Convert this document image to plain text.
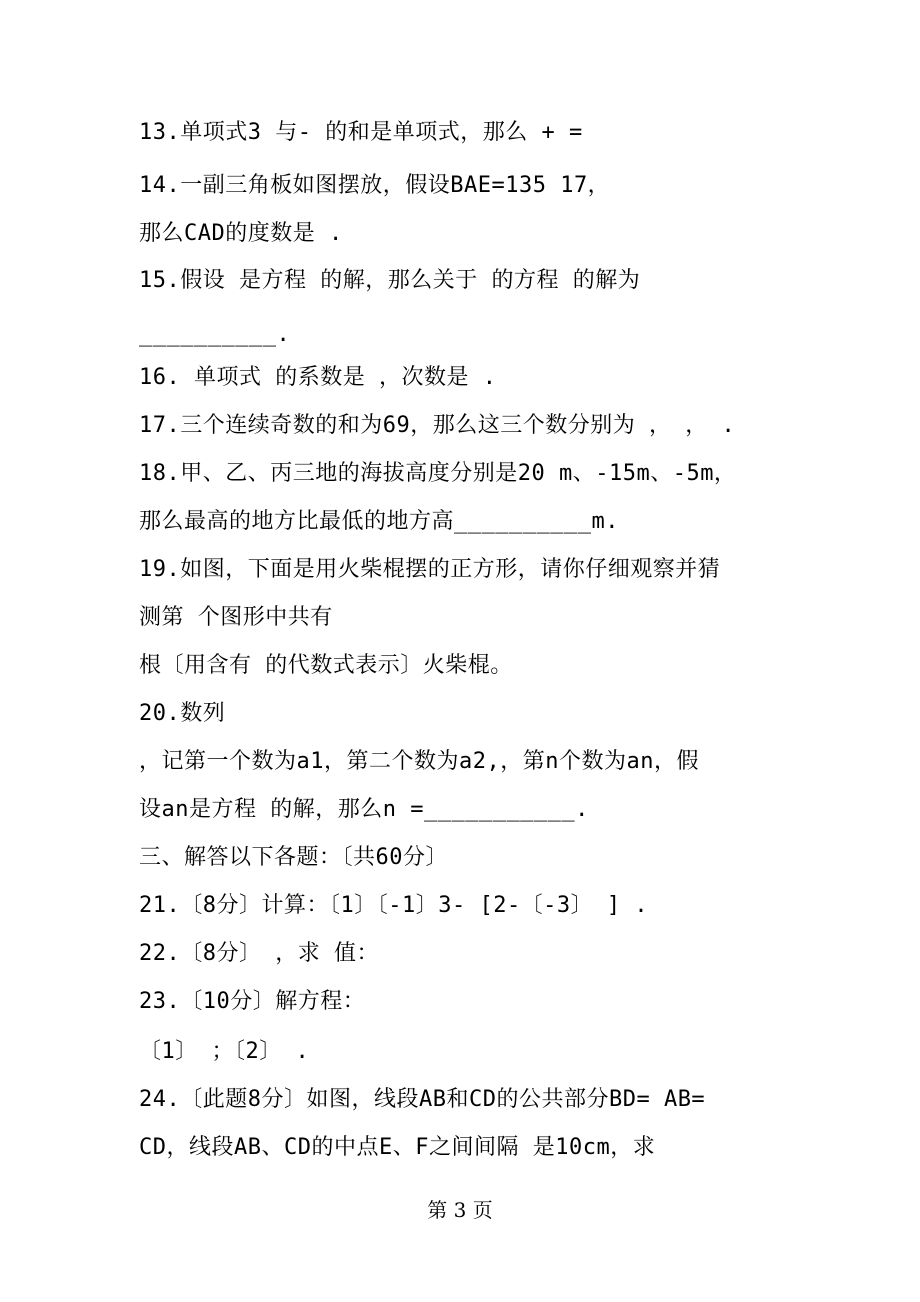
13.单项式3 与- 的和是单项式，那么 + =
14.一副三角板如图摆放，假设BAE=135 17，
那么CAD的度数是 .
15.假设 是方程 的解，那么关于 的方程 的解为
__________.
16. 单项式 的系数是 ，次数是 .
17.三个连续奇数的和为69，那么这三个数分别为 ， ， .
18.甲、乙、丙三地的海拔高度分别是20 m、-15m、-5m，
那么最高的地方比最低的地方高__________m.
19.如图，下面是用火柴棍摆的正方形，请你仔细观察并猜
测第 个图形中共有
根〔用含有 的代数式表示〕火柴棍。
20.数列
，记第一个数为a1，第二个数为a2,，第n个数为an，假
设an是方程 的解，那么n =___________.
三、解答以下各题：〔共60分〕
21.〔8分〕计算：〔1〕〔-1〕3- [2-〔-3〕 ] .
22.〔8分〕 ，求 值：
23.〔10分〕解方程：
〔1〕 ；〔2〕 .
24.〔此题8分〕如图，线段AB和CD的公共部分BD= AB=
CD，线段AB、CD的中点E、F之间间隔 是10cm，求
第 3 页
